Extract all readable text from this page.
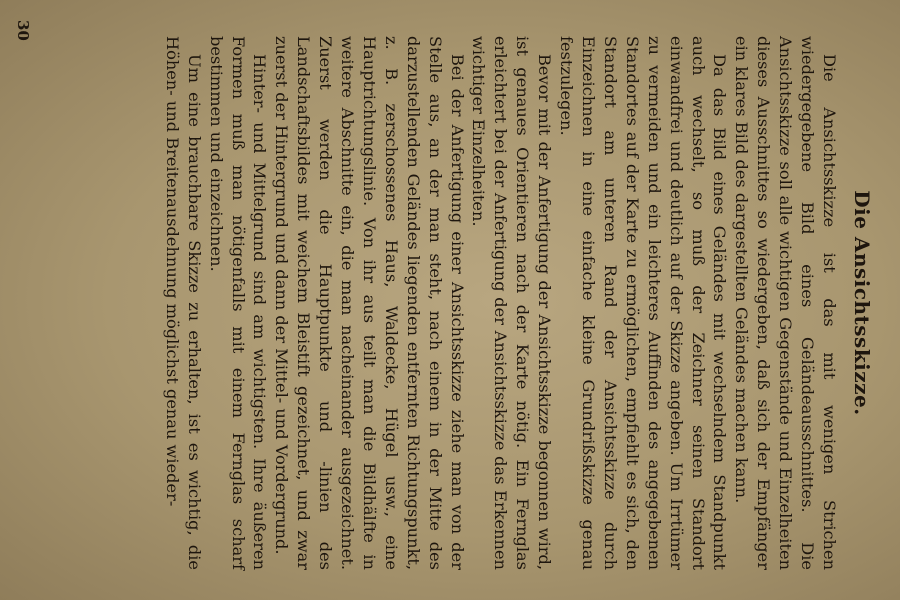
Die Ansichtsskizze.

Die Ansichtsskizze ist das mit wenigen Strichen wiedergegebene Bild eines Geländeausschnittes. Die Ansichtsskizze soll alle wichtigen Gegenstände und Einzelheiten dieses Ausschnittes so wiedergeben, daß sich der Empfänger ein klares Bild des dargestellten Geländes machen kann.

Da das Bild eines Geländes mit wechselndem Standpunkt auch wechselt, so muß der Zeichner seinen Standort einwandfrei und deutlich auf der Skizze angeben. Um Irrtümer zu vermeiden und ein leichteres Auffinden des angegebenen Standortes auf der Karte zu ermöglichen, empfiehlt es sich, den Standort am unteren Rand der Ansichtsskizze durch Einzeichnen in eine einfache kleine Grundrißskizze genau festzulegen.

Bevor mit der Anfertigung der Ansichtsskizze begonnen wird, ist genaues Orientieren nach der Karte nötig. Ein Fernglas erleichtert bei der Anfertigung der Ansichtsskizze das Erkennen wichtiger Einzelheiten.

Bei der Anfertigung einer Ansichtsskizze ziehe man von der Stelle aus, an der man steht, nach einem in der Mitte des darzustellenden Geländes liegenden entfernten Richtungspunkt, z. B. zerschossenes Haus, Waldecke, Hügel usw., eine Hauptrichtungslinie. Von ihr aus teilt man die Bildhälfte in weitere Abschnitte ein, die man nacheinander ausgezeichnet. Zuerst werden die Hauptpunkte und -linien des Landschaftsbildes mit weichem Bleistift gezeichnet, und zwar zuerst der Hintergrund und dann der Mittel- und Vordergrund.

Hinter- und Mittelgrund sind am wichtigsten. Ihre äußeren Formen muß man nötigenfalls mit einem Fernglas scharf bestimmen und einzeichnen.

Um eine brauchbare Skizze zu erhalten, ist es wichtig, die Höhen- und Breitenausdehnung möglichst genau wieder-

30
